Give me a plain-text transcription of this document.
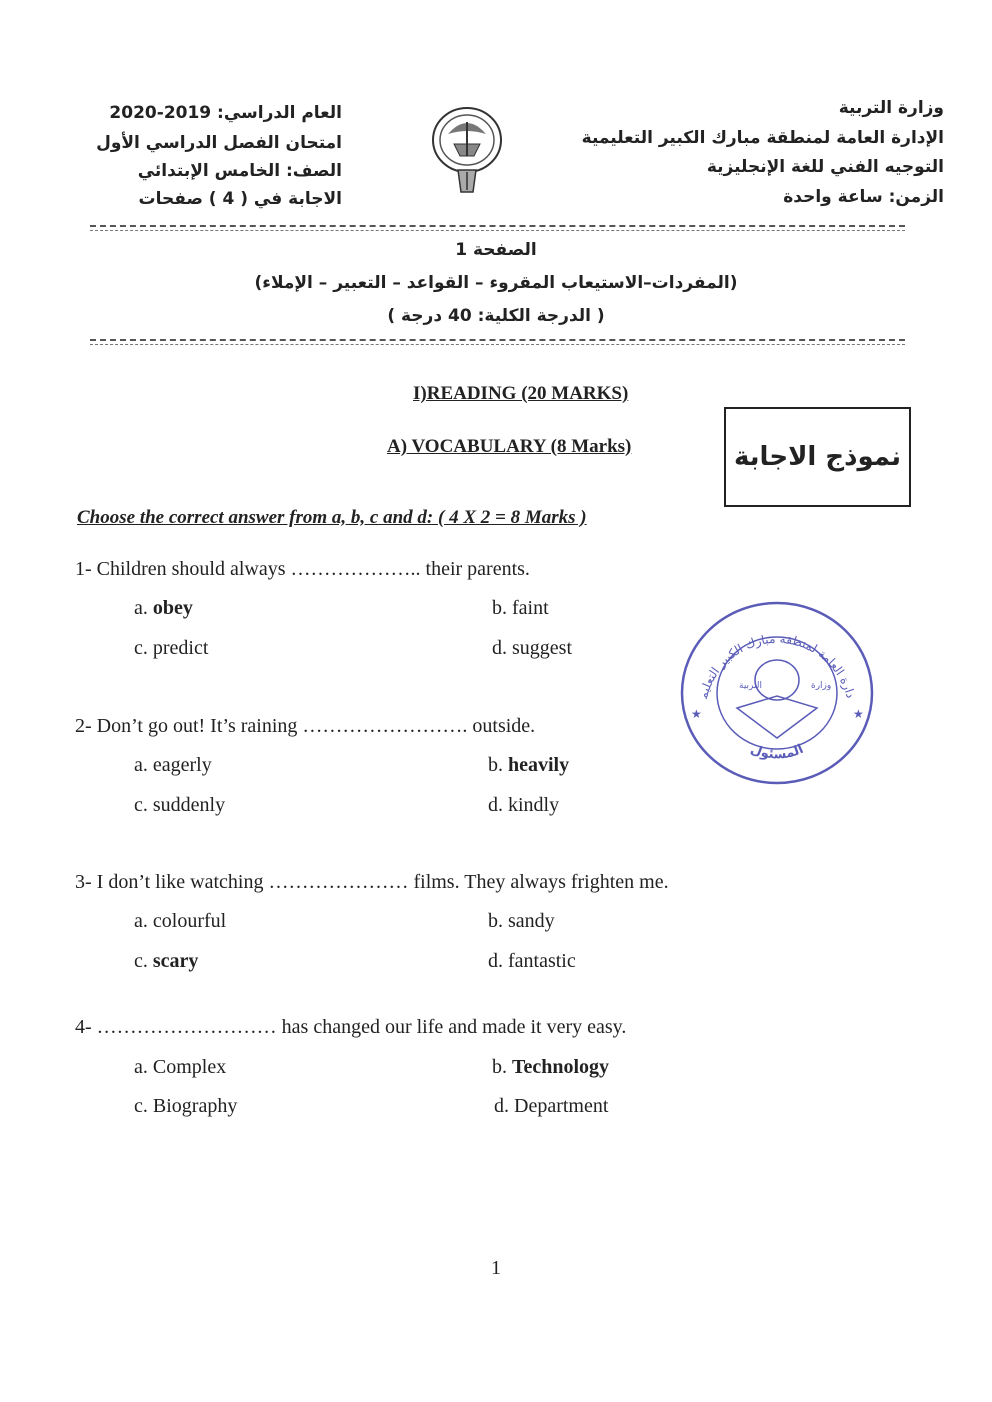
وزارة التربية
الإدارة العامة لمنطقة مبارك الكبير التعليمية
التوجيه الفني للغة الإنجليزية
الزمن: ساعة واحدة
العام الدراسي: 2019-2020
امتحان الفصل الدراسي الأول
الصف: الخامس الإبتدائي
الاجابة في ( 4 ) صفحات
الصفحة 1
(المفردات–الاستيعاب المقروء – القواعد – التعبير – الإملاء)
( الدرجة الكلية: 40 درجة )
I)READING (20 MARKS)
A) VOCABULARY (8 Marks)	نموذج الاجابة
Choose the correct answer from a, b, c and d: ( 4 X 2 = 8 Marks )
1- Children should always ……………….. their parents.
a. obey	b. faint
c. predict	d. suggest
2- Don’t go out! It’s raining ……………………. outside.
a. eagerly	b. heavily
c. suddenly	d. kindly
3- I don’t like watching ………………… films. They always frighten me.
a. colourful	b. sandy
c. scary	d. fantastic
4- ……………………… has changed our life and made it very easy.
a. Complex	b. Technology
c. Biography	d. Department
دارة العامة لمنطقة مبارك الكبير التعليم
المسئول
التربية	وزارة
★	★
1
